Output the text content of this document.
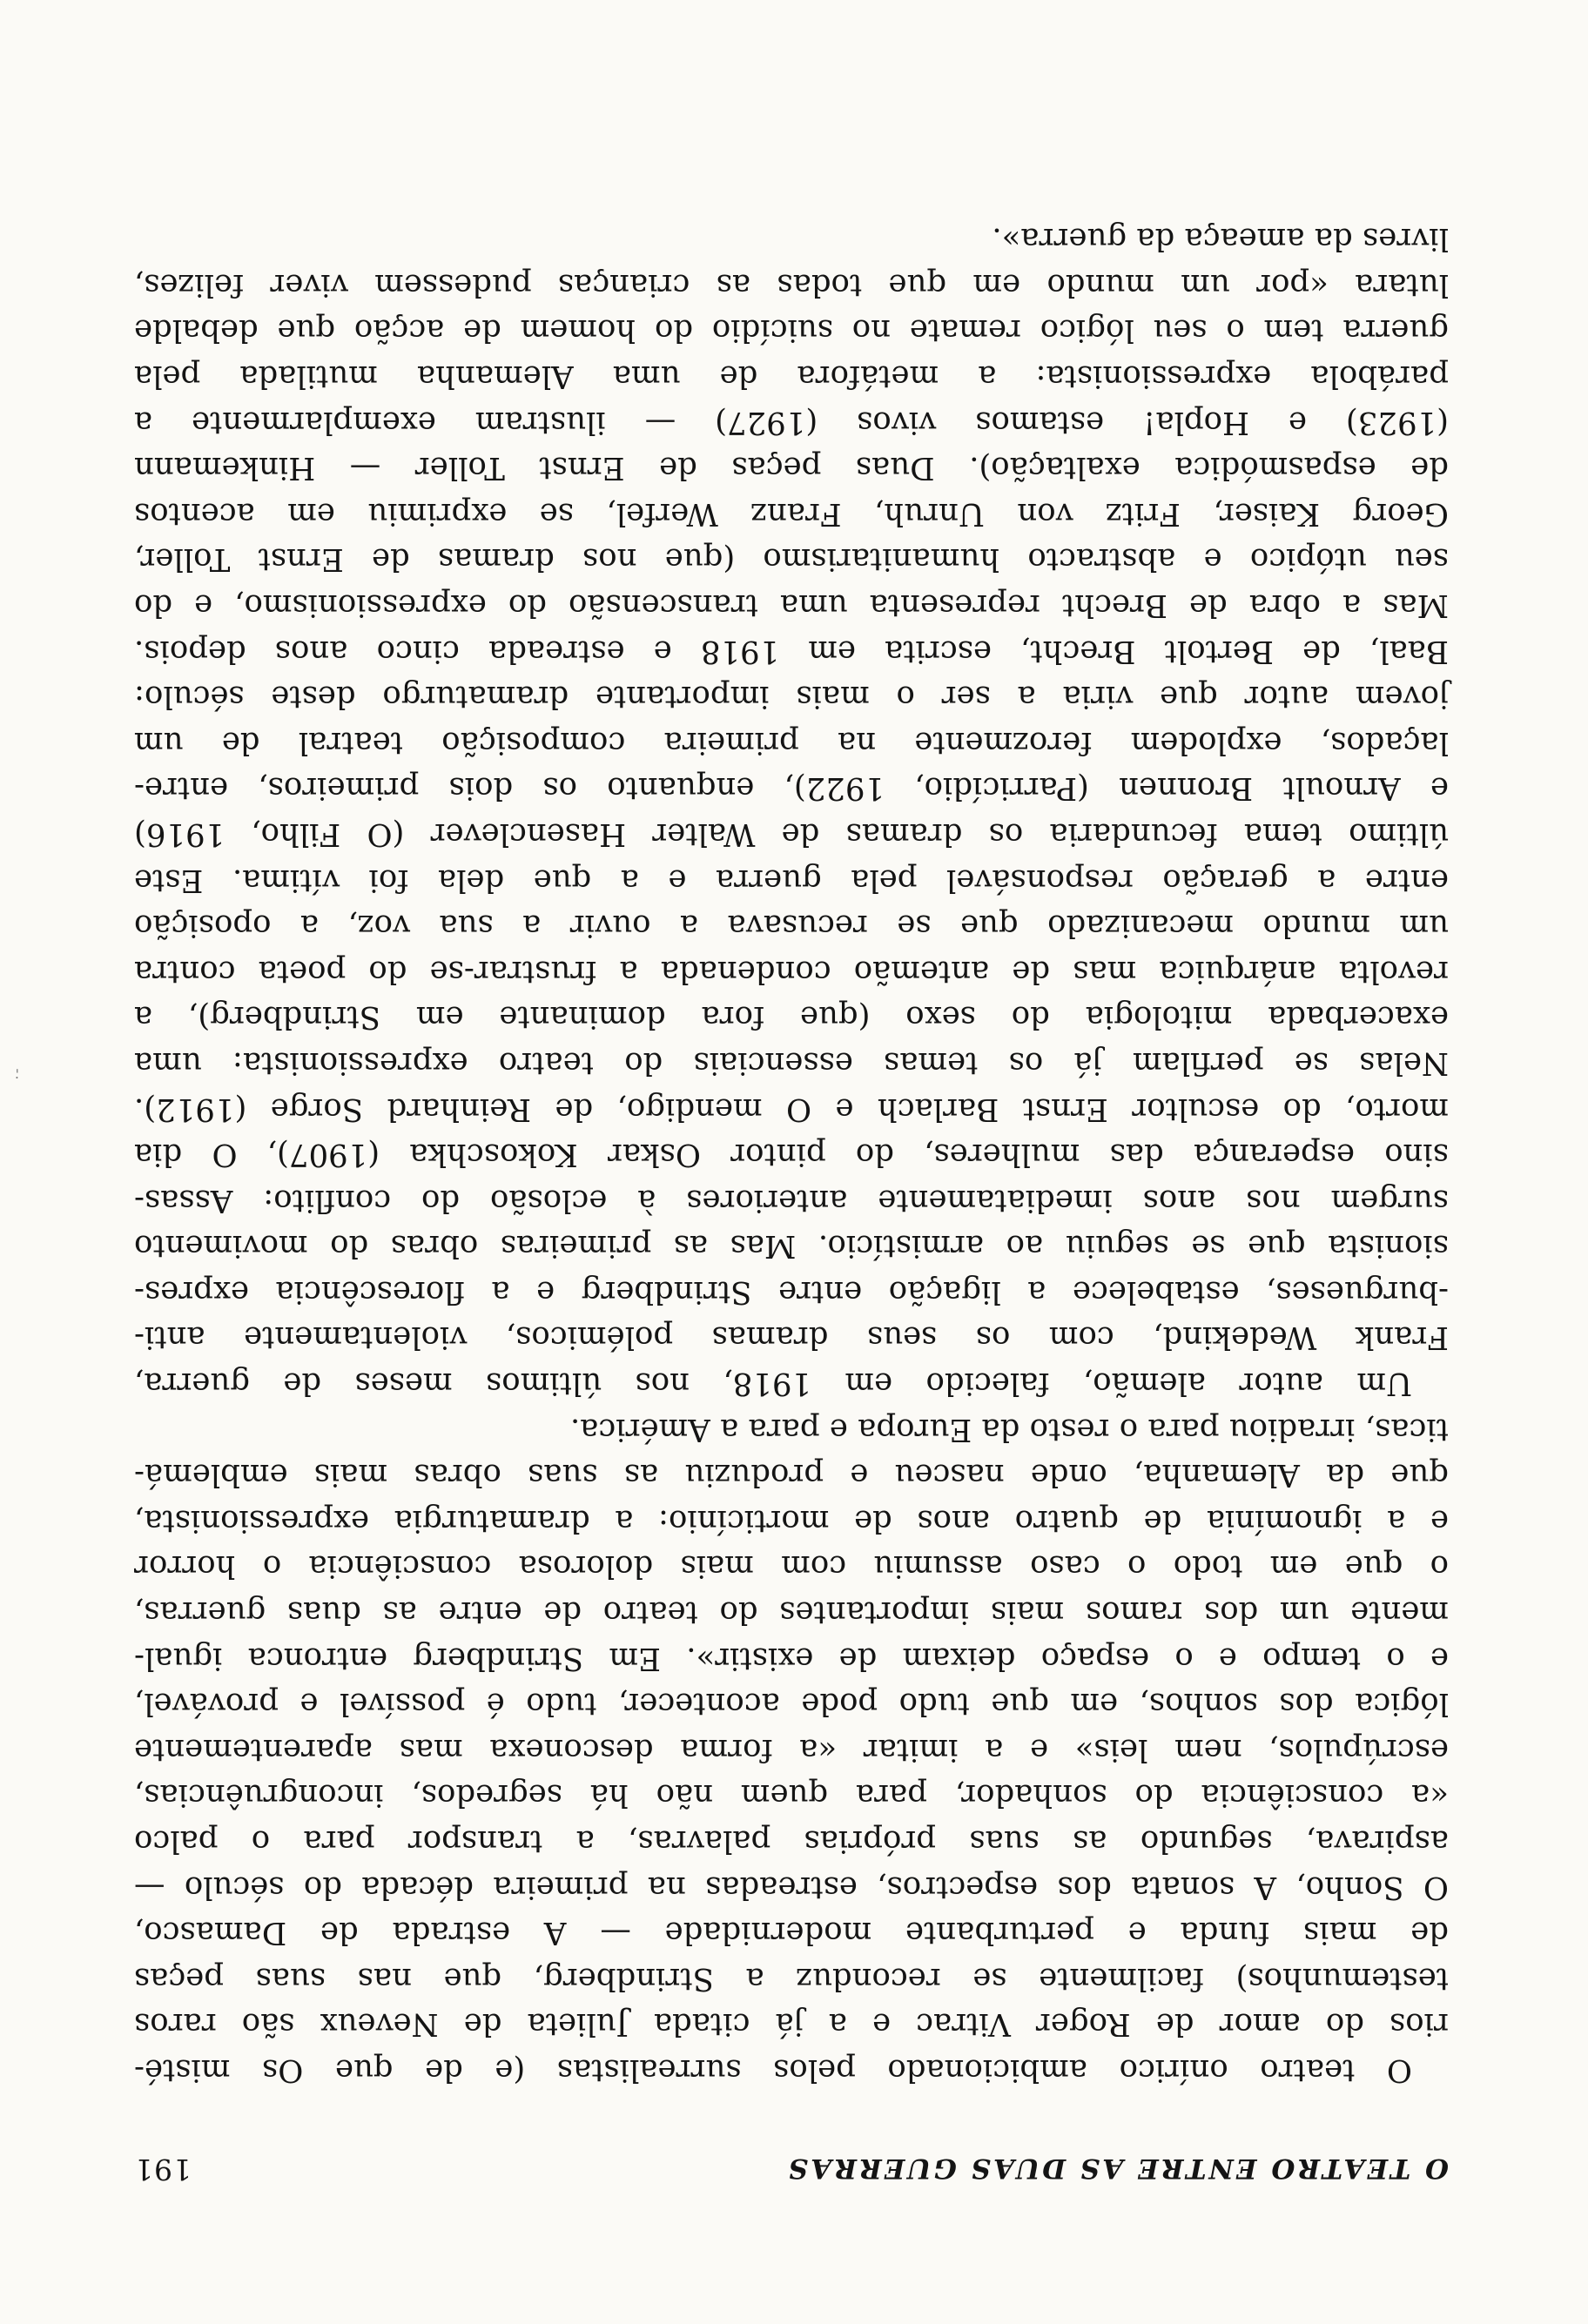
O TEATRO ENTRE AS DUAS GUERRAS
191

O teatro onírico ambicionado pelos surrealistas (e de que Os misté-

rios do amor de Roger Vitrac e a já citada Julieta de Neveux são raros

testemunhos) facilmente se reconduz a Strindberg, que nas suas peças

de mais funda e perturbante modernidade — A estrada de Damasco,

O Sonho, A sonata dos espectros, estreadas na primeira década do século —

aspirava, segundo as suas próprias palavras, a transpor para o palco

«a consciência do sonhador, para quem não há segredos, incongruências,

escrúpulos, nem leis» e a imitar «a forma desconexa mas aparentemente

lógica dos sonhos, em que tudo pode acontecer, tudo é possível e provável,

e o tempo e o espaço deixam de existir». Em Strindberg entronca igual-

mente um dos ramos mais importantes do teatro de entre as duas guerras,

o que em todo o caso assumiu com mais dolorosa consciência o horror

e a ignomínia de quatro anos de morticínio: a dramaturgia expressionista,

que da Alemanha, onde nasceu e produziu as suas obras mais emblemá-

ticas, irradiou para o resto da Europa e para a América.

Um autor alemão, falecido em 1918, nos últimos meses de guerra,

Frank Wedekind, com os seus dramas polémicos, violentamente anti-

-burgueses, estabelece a ligação entre Strindberg e a florescência expres-

sionista que se seguiu ao armistício. Mas as primeiras obras do movimento

surgem nos anos imediatamente anteriores à eclosão do conflito: Assas-

sino esperança das mulheres, do pintor Oskar Kokoschka (1907), O dia

morto, do escultor Ernst Barlach e O mendigo, de Reinhard Sorge (1912).

Nelas se perfilam já os temas essenciais do teatro expressionista: uma

exacerbada mitologia do sexo (que fora dominante em Strindberg), a

revolta anárquica mas de antemão condenada a frustrar-se do poeta contra

um mundo mecanizado que se recusava a ouvir a sua voz, a oposição

entre a geração responsável pela guerra e a que dela foi vítima. Este

último tema fecundaria os dramas de Walter Hasenclever (O Filho, 1916)

e Arnoult Bronnen (Parricídio, 1922), enquanto os dois primeiros, entre-

laçados, explodem ferozmente na primeira composição teatral de um

jovem autor que viria a ser o mais importante dramaturgo deste século:

Baal, de Bertolt Brecht, escrita em 1918 e estreada cinco anos depois.

Mas a obra de Brecht representa uma transcensão do expressionismo, e do

seu utópico e abstracto humanitarismo (que nos dramas de Ernst Toller,

Georg Kaiser, Fritz von Unruh, Franz Werfel, se exprimiu em acentos

de espasmódica exaltação). Duas peças de Ernst Toller — Hinkemann

(1923) e Hopla! estamos vivos (1927) — ilustram exemplarmente a

parábola expressionista: a metáfora de uma Alemanha mutilada pela

guerra tem o seu lógico remate no suicídio do homem de acção que debalde

lutara «por um mundo em que todas as crianças pudessem viver felizes,

livres da ameaça da guerra».

. '
